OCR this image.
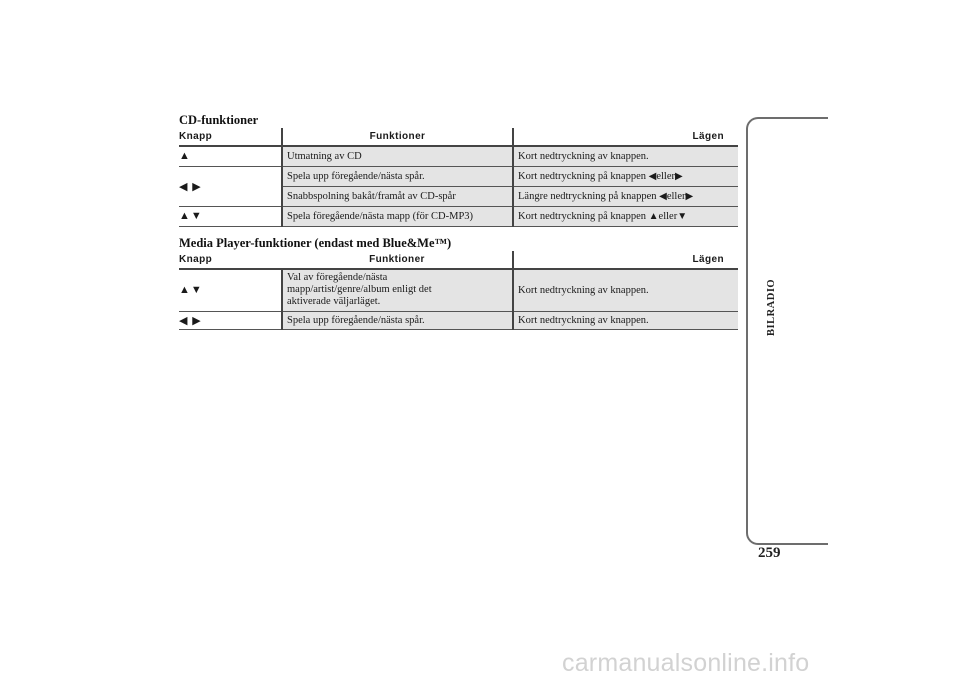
CD-funktioner
Knapp	Funktioner	Lägen
▲	Utmatning av CD	Kort nedtryckning av knappen.
◀ ▶	Spela upp föregående/nästa spår.	Kort nedtryckning på knappen ◀eller▶
	Snabbspolning bakåt/framåt av CD-spår	Längre nedtryckning på knappen ◀eller▶
▲▼	Spela föregående/nästa mapp (för CD-MP3)	Kort nedtryckning på knappen ▲eller▼
Media Player-funktioner (endast med Blue&Me™)
Knapp	Funktioner	Lägen
▲▼	Val av föregående/nästa
mapp/artist/genre/album enligt det
aktiverade väljarläget.	Kort nedtryckning av knappen.
◀ ▶	Spela upp föregående/nästa spår.	Kort nedtryckning av knappen.	BILRADIO
259
carmanualsonline.info
